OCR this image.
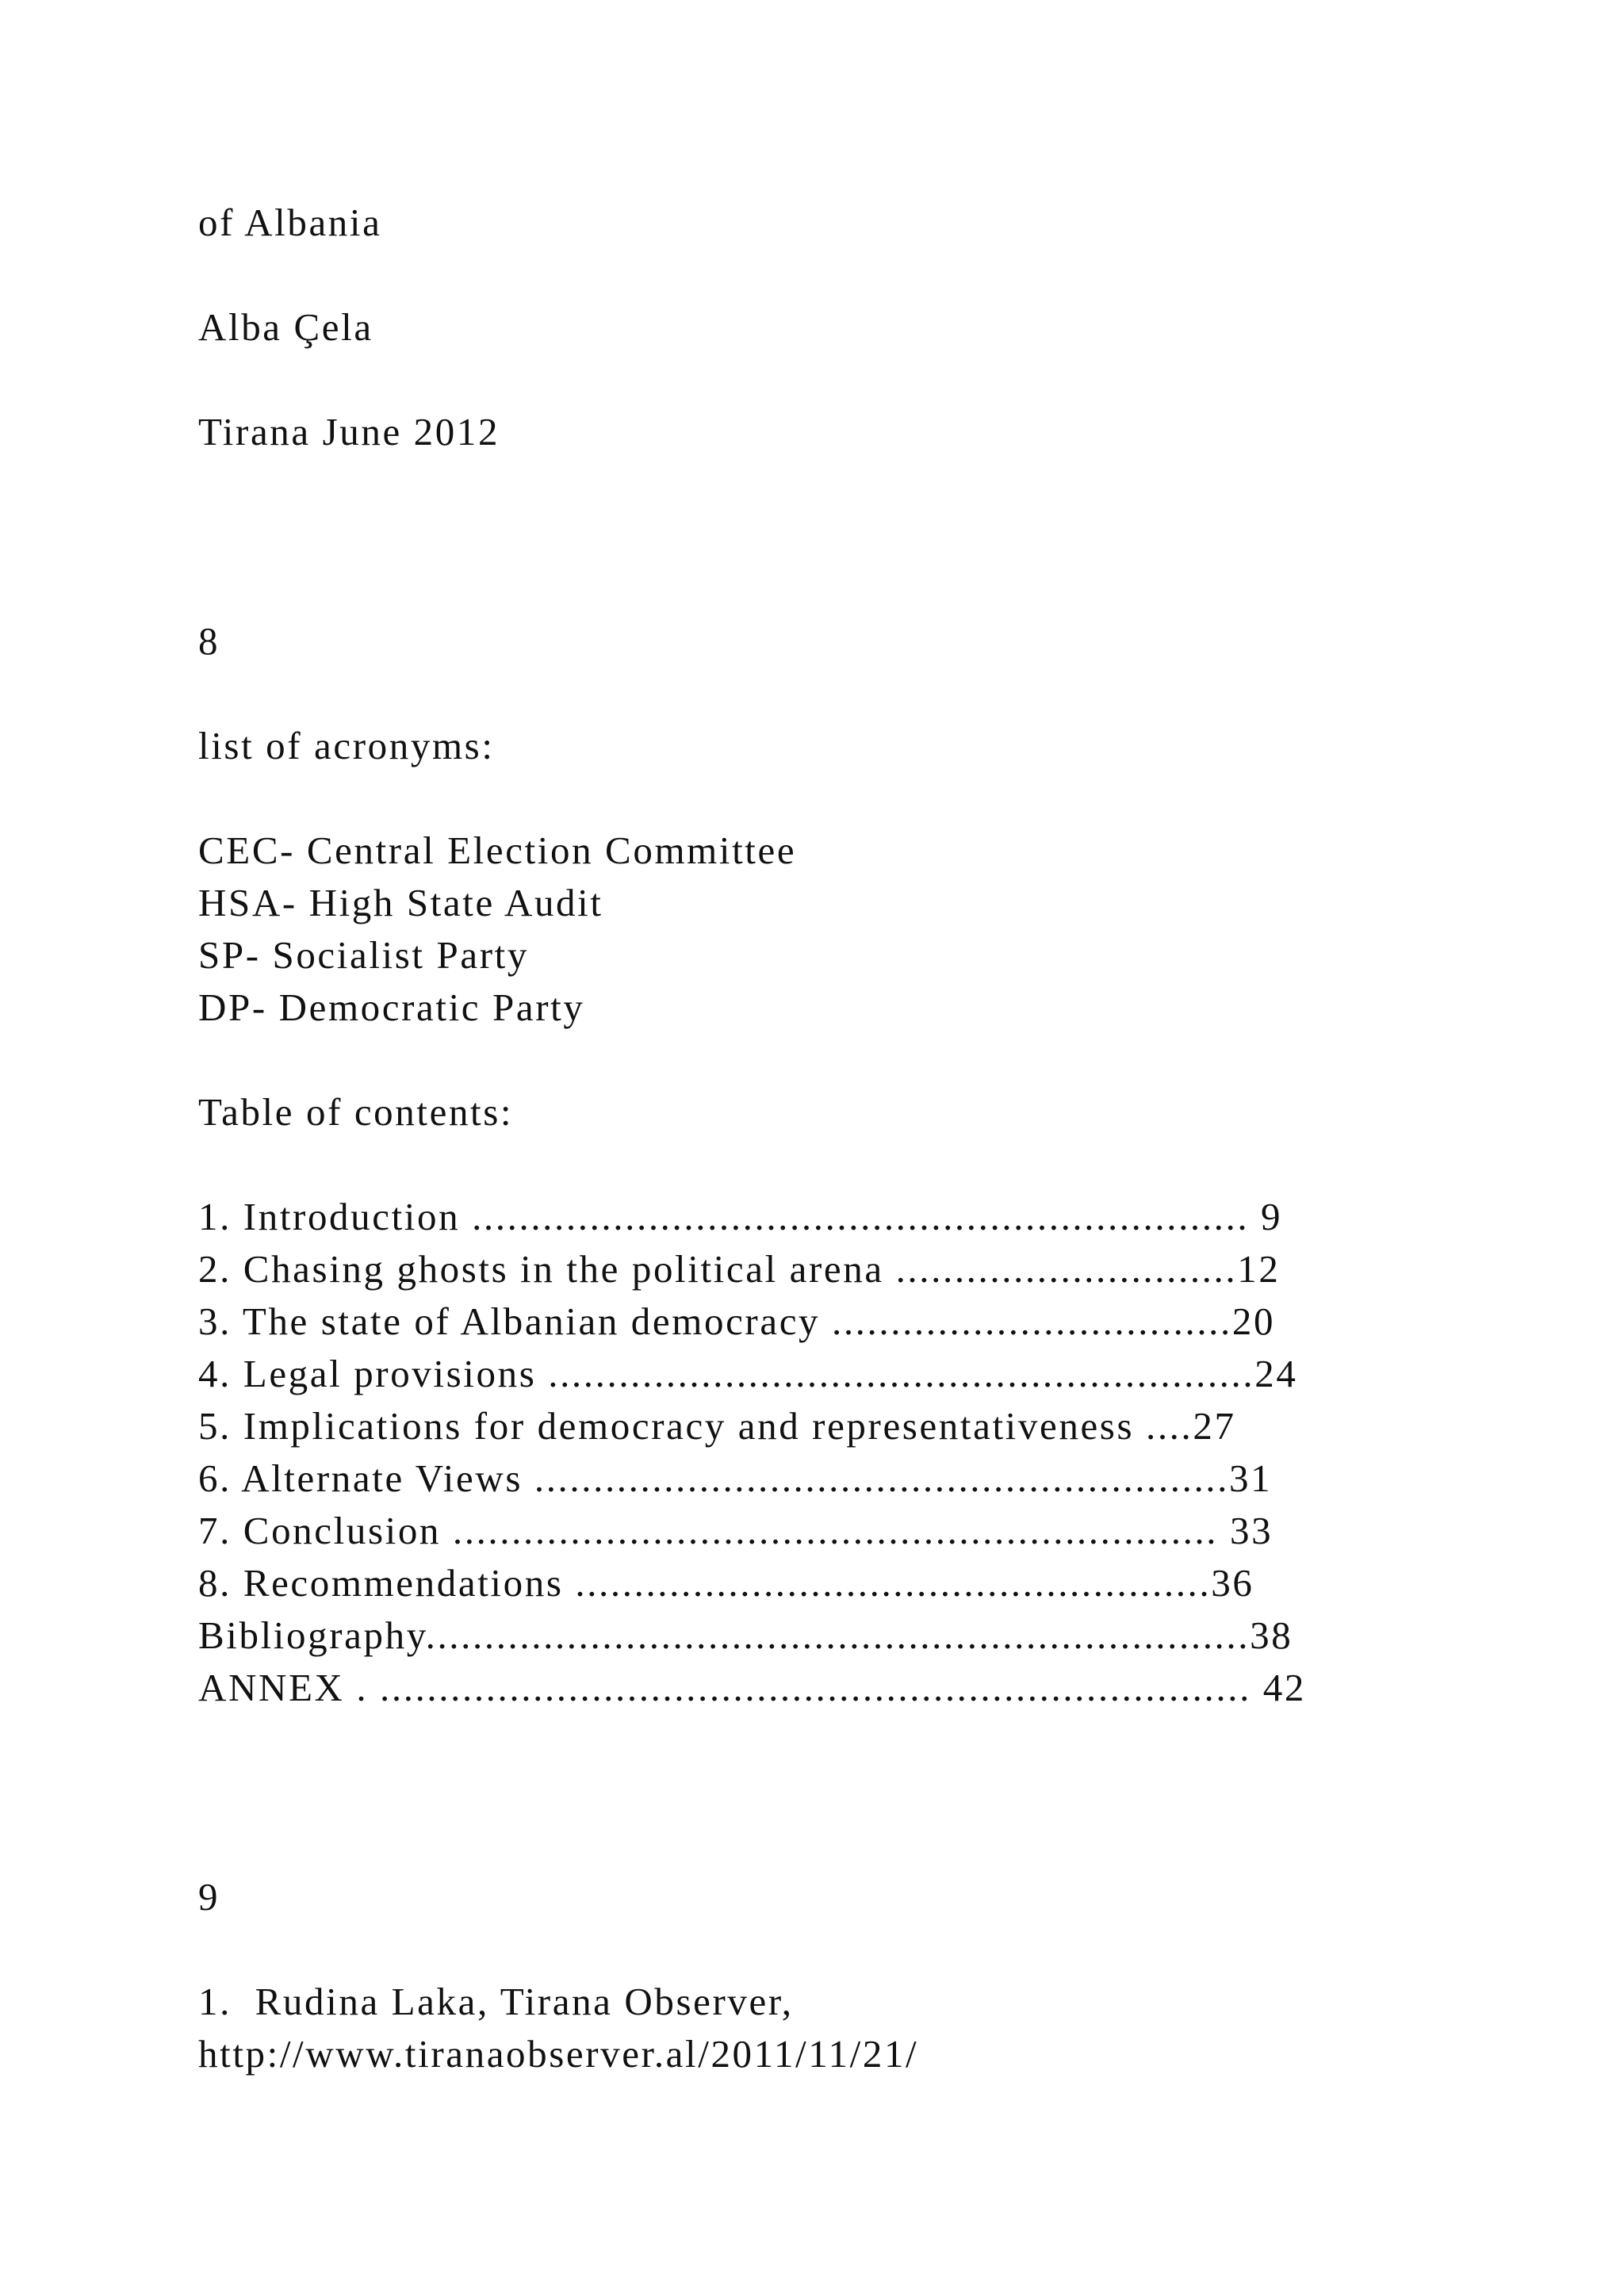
of Albania

Alba Çela

Tirana June 2012

8

list of acronyms:

CEC- Central Election Committee

HSA- High State Audit

SP- Socialist Party

DP- Democratic Party

Table of contents:

1. Introduction .................................................................. 9

2. Chasing ghosts in the political arena .............................12

3. The state of Albanian democracy ..................................20

4. Legal provisions ............................................................24

5. Implications for democracy and representativeness ....27

6. Alternate Views ...........................................................31

7. Conclusion ................................................................. 33

8. Recommendations ......................................................36

Bibliography......................................................................38

ANNEX . .......................................................................... 42

9

1.  Rudina Laka, Tirana Observer,

http://www.tiranaobserver.al/2011/11/21/
